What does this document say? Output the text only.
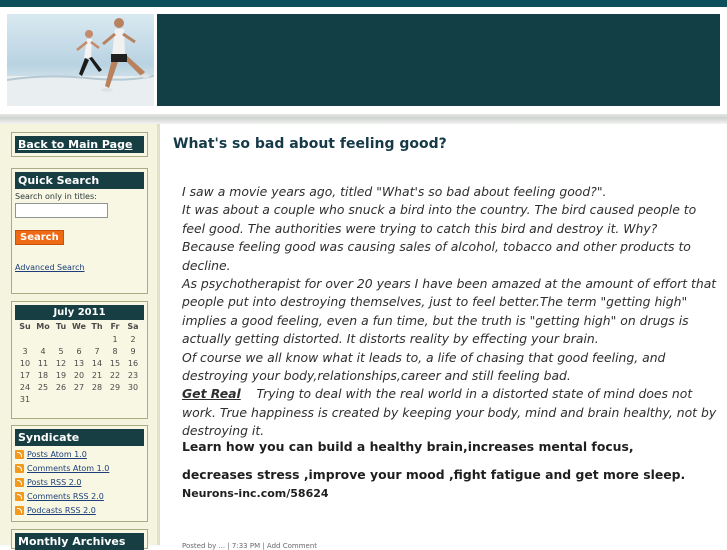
Back to Main Page
Quick Search
Search only in titles:
Search
Advanced Search
July 2011
Su	Mo	Tu	We	Th	Fr	Sa
					1	2
3	4	5	6	7	8	9
10	11	12	13	14	15	16
17	18	19	20	21	22	23
24	25	26	27	28	29	30
31						
Syndicate
Posts Atom 1.0
Comments Atom 1.0
Posts RSS 2.0
Comments RSS 2.0
Podcasts RSS 2.0
Monthly Archives
What's so bad about feeling good?

I saw a movie years ago, titled "What's so bad about feeling good?".

It was about a couple who snuck a bird into the country. The bird caused people to feel good. The authorities were trying to catch this bird and destroy it. Why?

Because feeling good was causing sales of alcohol, tobacco and other products to decline.

As psychotherapist for over 20 years I have been amazed at the amount of effort that people put into destroying themselves, just to feel better.The term "getting high" implies a good feeling, even a fun time, but the truth is "getting high" on drugs is actually getting distorted. It distorts reality by effecting your brain.

Of course we all know what it leads to, a life of chasing that good feeling, and destroying your body,relationships,career and still feeling bad.

Get Real Trying to deal with the real world in a distorted state of mind does not work. True happiness is created by keeping your body, mind and brain healthy, not by destroying it.

Learn how you can build a healthy brain,increases mental focus,
decreases stress ,improve your mood ,fight fatigue and get more sleep.  Neurons-inc.com/58624
Posted by ... | 7:33 PM | Add Comment
